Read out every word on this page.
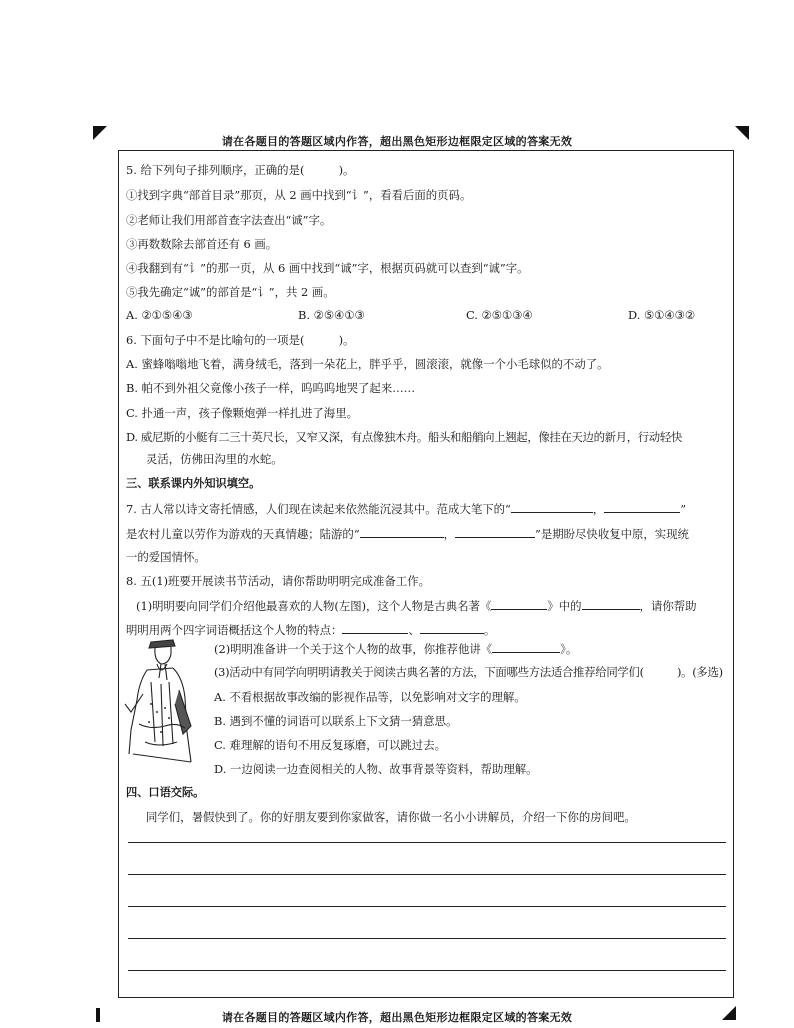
请在各题目的答题区域内作答，超出黑色矩形边框限定区域的答案无效
5. 给下列句子排列顺序，正确的是(　　　)。
①找到字典“部首目录”那页，从 2 画中找到“讠”，看看后面的页码。
②老师让我们用部首查字法查出“诚”字。
③再数数除去部首还有 6 画。
④我翻到有“讠”的那一页，从 6 画中找到“诚”字，根据页码就可以查到“诚”字。
⑤我先确定“诚”的部首是“讠”，共 2 画。
A. ②①⑤④③	B. ②⑤④①③	C. ②⑤①③④	D. ⑤①④③②
6. 下面句子中不是比喻句的一项是(　　　)。
A. 蜜蜂嗡嗡地飞着，满身绒毛，落到一朵花上，胖乎乎，圆滚滚，就像一个小毛球似的不动了。
B. 帕不到外祖父竟像小孩子一样，呜呜呜地哭了起来……
C. 扑通一声，孩子像颗炮弹一样扎进了海里。
D. 威尼斯的小艇有二三十英尺长，又窄又深，有点像独木舟。船头和船艄向上翘起，像挂在天边的新月，行动轻快
灵活，仿佛田沟里的水蛇。
三、联系课内外知识填空。
7. 古人常以诗文寄托情感，人们现在读起来依然能沉浸其中。范成大笔下的“	，	”
是农村儿童以劳作为游戏的天真情趣；陆游的“	，	”是期盼尽快收复中原，实现统
一的爱国情怀。
8. 五(1)班要开展读书节活动，请你帮助明明完成准备工作。
(1)明明要向同学们介绍他最喜欢的人物(左图)，这个人物是古典名著《	》中的	，请你帮助
明明用两个四字词语概括这个人物的特点：	、	。
(2)明明准备讲一个关于这个人物的故事，你推荐他讲《	》。
(3)活动中有同学向明明请教关于阅读古典名著的方法，下面哪些方法适合推荐给同学们(　　　)。(多选)
A. 不看根据故事改编的影视作品等，以免影响对文字的理解。
B. 遇到不懂的词语可以联系上下文猜一猜意思。
C. 难理解的语句不用反复琢磨，可以跳过去。
D. 一边阅读一边查阅相关的人物、故事背景等资料，帮助理解。
四、口语交际。
同学们，暑假快到了。你的好朋友要到你家做客，请你做一名小小讲解员，介绍一下你的房间吧。
请在各题目的答题区域内作答，超出黑色矩形边框限定区域的答案无效
